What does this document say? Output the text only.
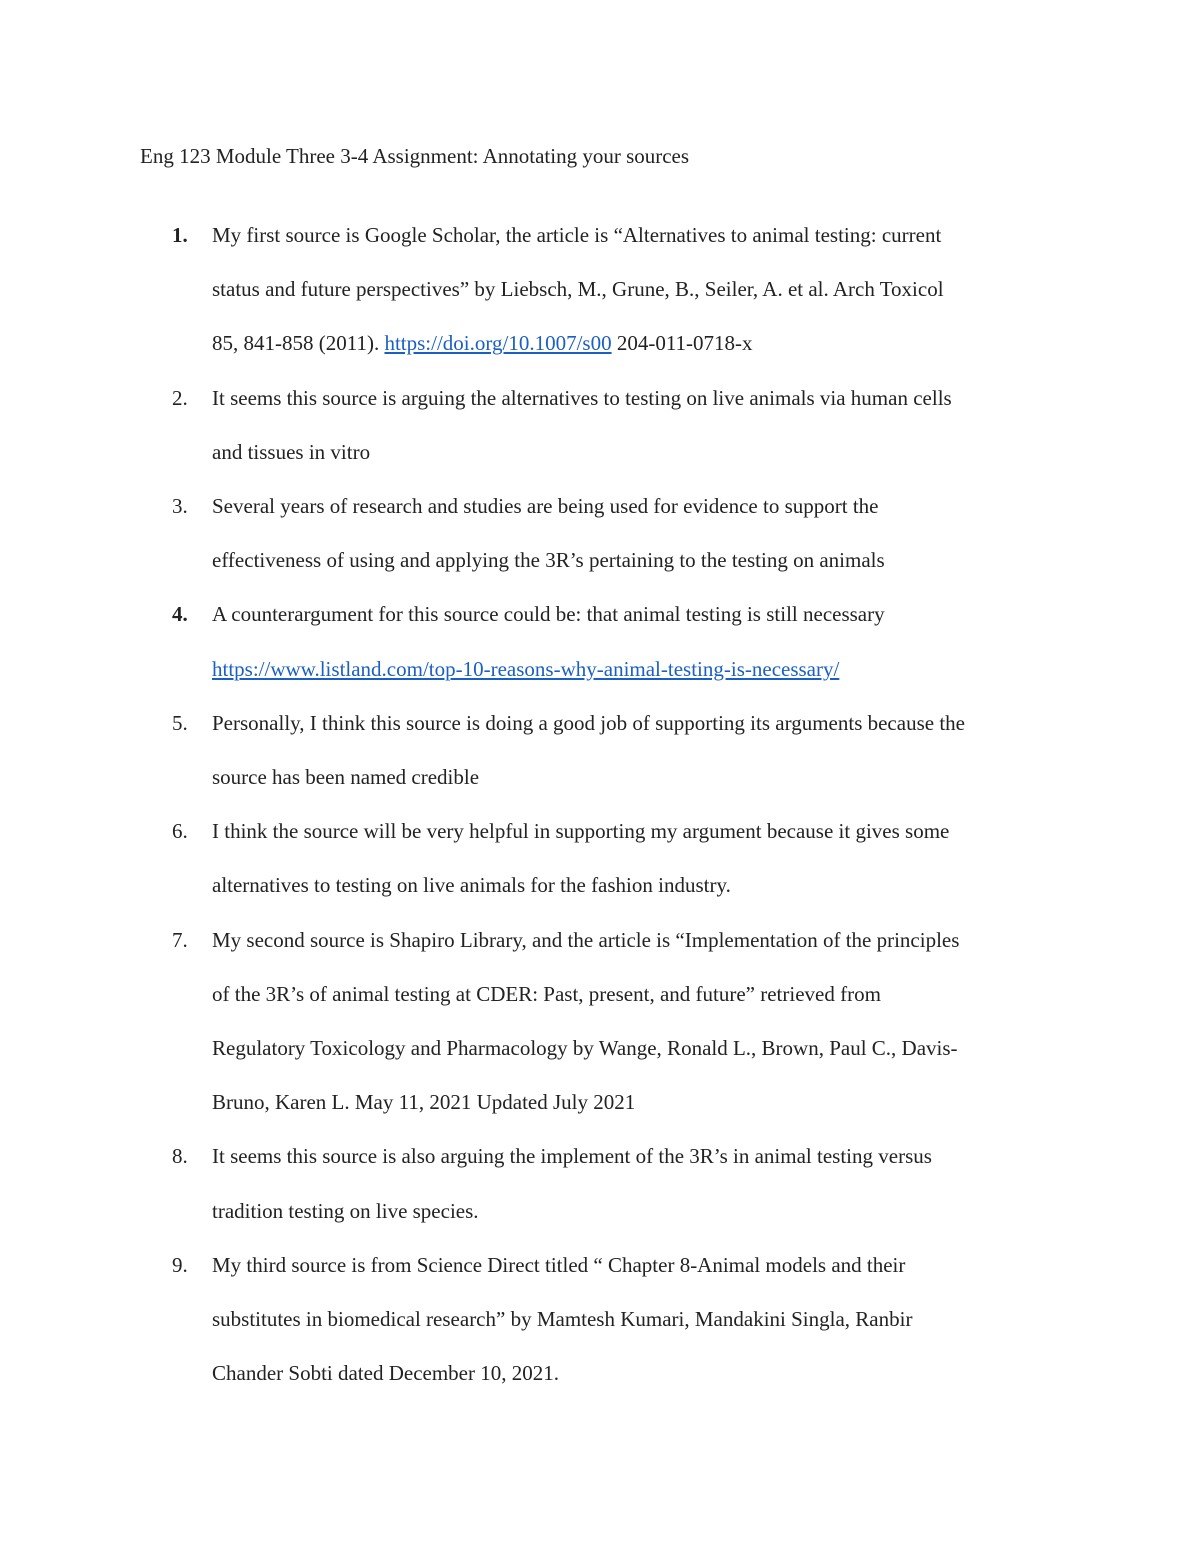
Eng 123 Module Three 3-4 Assignment: Annotating your sources
1. My first source is Google Scholar, the article is “Alternatives to animal testing: current
status and future perspectives” by Liebsch, M., Grune, B., Seiler, A. et al. Arch Toxicol
85, 841-858 (2011). https://doi.org/10.1007/s00 204-011-0718-x
2. It seems this source is arguing the alternatives to testing on live animals via human cells
and tissues in vitro
3. Several years of research and studies are being used for evidence to support the
effectiveness of using and applying the 3R’s pertaining to the testing on animals
4. A counterargument for this source could be: that animal testing is still necessary
https://www.listland.com/top-10-reasons-why-animal-testing-is-necessary/
5. Personally, I think this source is doing a good job of supporting its arguments because the
source has been named credible
6. I think the source will be very helpful in supporting my argument because it gives some
alternatives to testing on live animals for the fashion industry.
7. My second source is Shapiro Library, and the article is “Implementation of the principles
of the 3R’s of animal testing at CDER: Past, present, and future” retrieved from
Regulatory Toxicology and Pharmacology by Wange, Ronald L., Brown, Paul C., Davis-
Bruno, Karen L. May 11, 2021 Updated July 2021
8. It seems this source is also arguing the implement of the 3R’s in animal testing versus
tradition testing on live species.
9. My third source is from Science Direct titled “ Chapter 8-Animal models and their
substitutes in biomedical research” by Mamtesh Kumari, Mandakini Singla, Ranbir
Chander Sobti dated December 10, 2021.
